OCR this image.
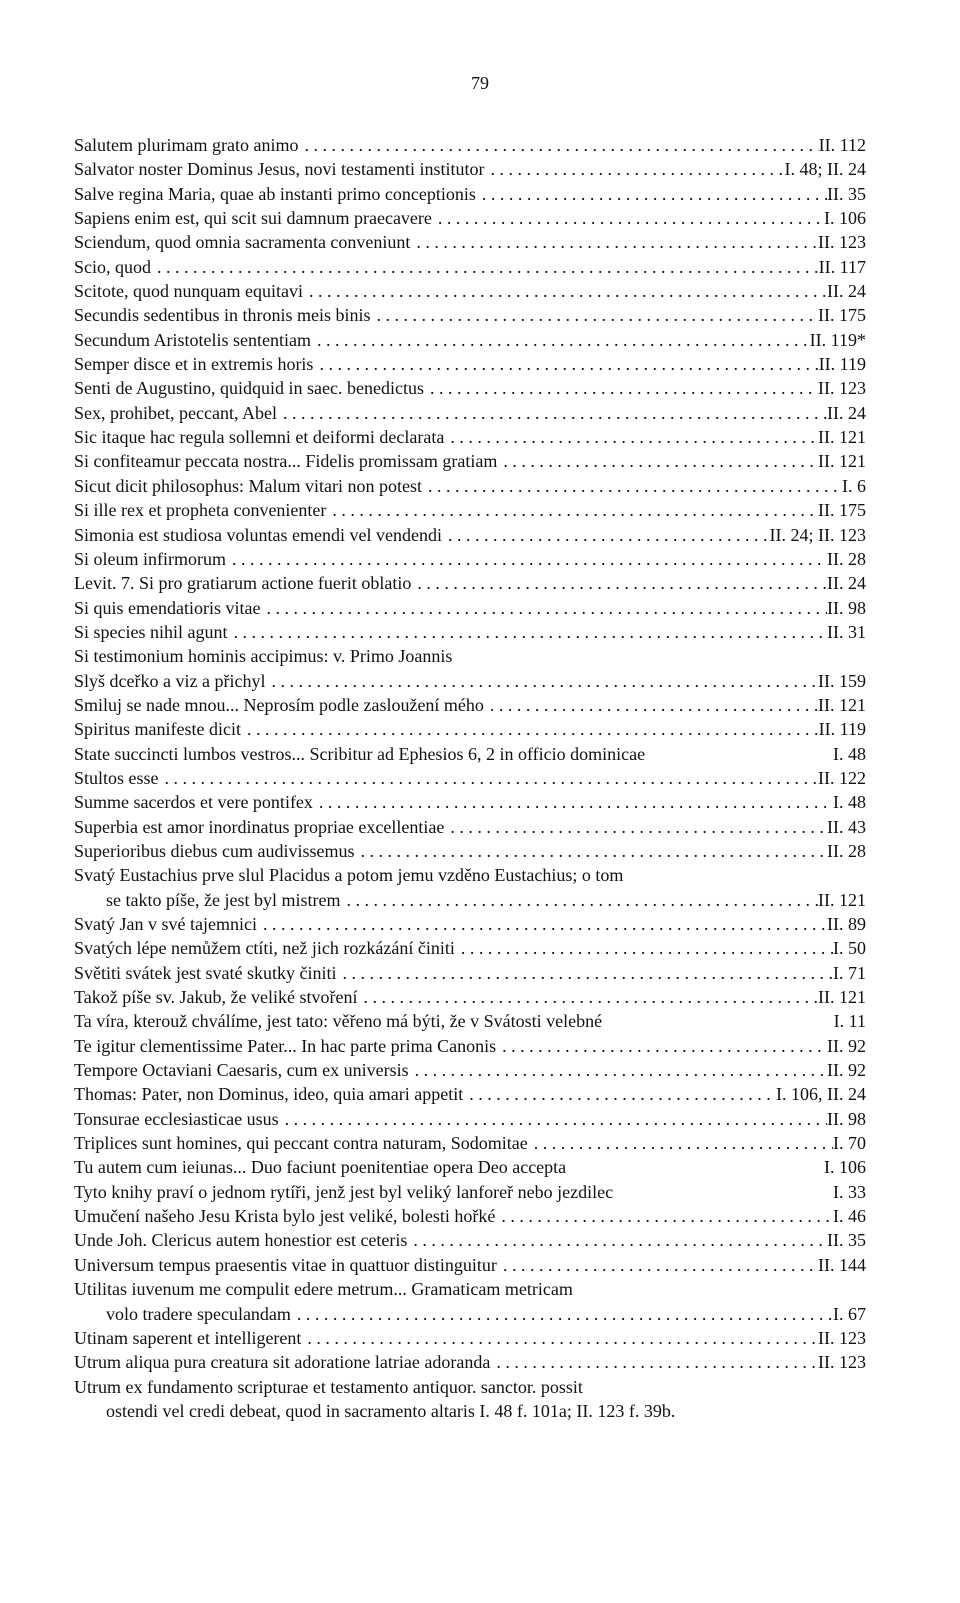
79
Salutem plurimam grato animo . . .	II. 112
Salvator noster Dominus Jesus, novi testamenti institutor . . .	I. 48; II. 24
Salve regina Maria, quae ab instanti primo conceptionis . . .	II. 35
Sapiens enim est, qui scit sui damnum praecavere . . .	I. 106
Sciendum, quod omnia sacramenta conveniunt . . .	II. 123
Scio, quod . . .	II. 117
Scitote, quod nunquam equitavi . . .	II. 24
Secundis sedentibus in thronis meis binis . . .	II. 175
Secundum Aristotelis sententiam . . .	II. 119*
Semper disce et in extremis horis . . .	II. 119
Senti de Augustino, quidquid in saec. benedictus . . .	II. 123
Sex, prohibet, peccant, Abel . . .	II. 24
Sic itaque hac regula sollemni et deiformi declarata . . .	II. 121
Si confiteamur peccata nostra... Fidelis promissam gratiam . . .	II. 121
Sicut dicit philosophus: Malum vitari non potest . . .	I. 6
Si ille rex et propheta convenienter . . .	II. 175
Simonia est studiosa voluntas emendi vel vendendi . . .	II. 24; II. 123
Si oleum infirmorum . . .	II. 28
Levit. 7. Si pro gratiarum actione fuerit oblatio . . .	II. 24
Si quis emendatioris vitae . . .	II. 98
Si species nihil agunt . . .	II. 31
Si testimonium hominis accipimus: v. Primo Joannis
Slyš dceřko a viz a přichyl . . .	II. 159
Smiluj se nade mnou... Neprosím podle zasloužení mého . . .	II. 121
Spiritus manifeste dicit . . .	II. 119
State succincti lumbos vestros... Scribitur ad Ephesios 6, 2 in officio dominicae	I. 48
Stultos esse . . .	II. 122
Summe sacerdos et vere pontifex . . .	I. 48
Superbia est amor inordinatus propriae excellentiae . . .	II. 43
Superioribus diebus cum audivissemus . . .	II. 28
Svatý Eustachius prve slul Placidus a potom jemu vzděno Eustachius; o tom
se takto píše, že jest byl mistrem . . .	II. 121
Svatý Jan v své tajemnici . . .	II. 89
Svatých lépe nemůžem ctíti, než jich rozkázání činiti . . .	I. 50
Světiti svátek jest svaté skutky činiti . . .	I. 71
Takož píše sv. Jakub, že veliké stvoření . . .	II. 121
Ta víra, kterouž chválíme, jest tato: věřeno má býti, že v Svátosti velebné	I. 11
Te igitur clementissime Pater... In hac parte prima Canonis . . .	II. 92
Tempore Octaviani Caesaris, cum ex universis . . .	II. 92
Thomas: Pater, non Dominus, ideo, quia amari appetit . . .	I. 106, II. 24
Tonsurae ecclesiasticae usus . . .	II. 98
Triplices sunt homines, qui peccant contra naturam, Sodomitae . . .	I. 70
Tu autem cum ieiunas... Duo faciunt poenitentiae opera Deo accepta	I. 106
Tyto knihy praví o jednom rytíři, jenž jest byl veliký lanforeř nebo jezdilec	I. 33
Umučení našeho Jesu Krista bylo jest veliké, bolesti hořké . . .	I. 46
Unde Joh. Clericus autem honestior est ceteris . . .	II. 35
Universum tempus praesentis vitae in quattuor distinguitur . . .	II. 144
Utilitas iuvenum me compulit edere metrum... Gramaticam metricam
volo tradere speculandam . . .	I. 67
Utinam saperent et intelligerent . . .	II. 123
Utrum aliqua pura creatura sit adoratione latriae adoranda . . .	II. 123
Utrum ex fundamento scripturae et testamento antiquor. sanctor. possit
ostendi vel credi debeat, quod in sacramento altaris I. 48 f. 101a; II. 123 f. 39b.
